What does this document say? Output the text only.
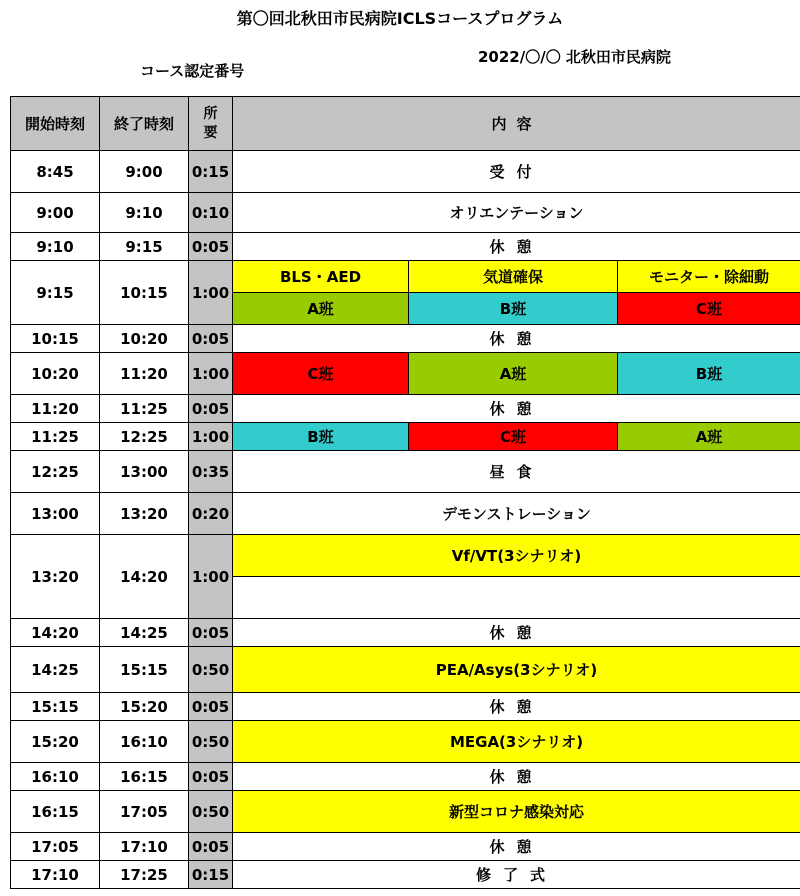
第〇回北秋田市民病院ICLSコースプログラム
2022/〇/〇 北秋田市民病院
コース認定番号
開始時刻	終了時刻	所要	内容		
8:45	9:00	0:15	受付		
9:00	9:10	0:10	オリエンテーション		
9:10	9:15	0:05	休憩		
9:15	10:15	1:00	BLS・AED	気道確保	モニター・除細動
			A班	B班	C班
10:15	10:20	0:05	休憩		
10:20	11:20	1:00	C班	A班	B班
11:20	11:25	0:05	休憩		
11:25	12:25	1:00	B班	C班	A班
12:25	13:00	0:35	昼食		
13:00	13:20	0:20	デモンストレーション		
13:20	14:20	1:00	Vf/VT(3シナリオ)		

14:20	14:25	0:05	休憩		
14:25	15:15	0:50	PEA/Asys(3シナリオ)		
15:15	15:20	0:05	休憩		
15:20	16:10	0:50	MEGA(3シナリオ)		
16:10	16:15	0:05	休憩		
16:15	17:05	0:50	新型コロナ感染対応		
17:05	17:10	0:05	休憩		
17:10	17:25	0:15	修了式		
